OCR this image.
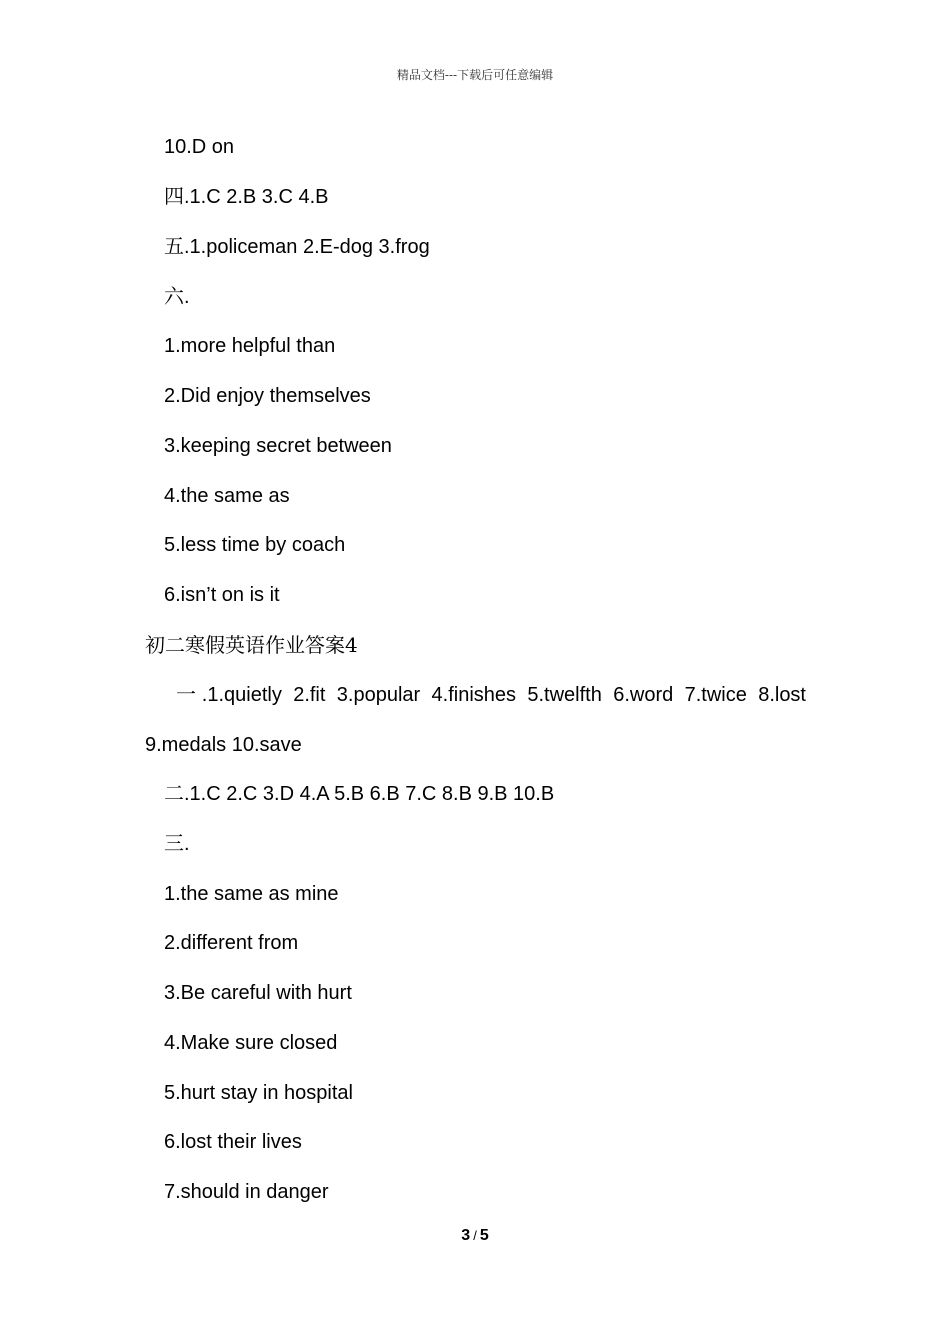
精品文档---下载后可任意编辑
10.D on
四.1.C 2.B 3.C 4.B
五.1.policeman 2.E-dog 3.frog
六.
1.more helpful than
2.Did enjoy themselves
3.keeping secret between
4.the same as
5.less time by coach
6.isn’t on is it
初二寒假英语作业答案4
一.1.quietly 2.fit 3.popular 4.finishes 5.twelfth 6.word 7.twice 8.lost
9.medals 10.save
二.1.C 2.C 3.D 4.A 5.B 6.B 7.C 8.B 9.B 10.B
三.
1.the same as mine
2.different from
3.Be careful with hurt
4.Make sure closed
5.hurt stay in hospital
6.lost their lives
7.should in danger
3 / 5
